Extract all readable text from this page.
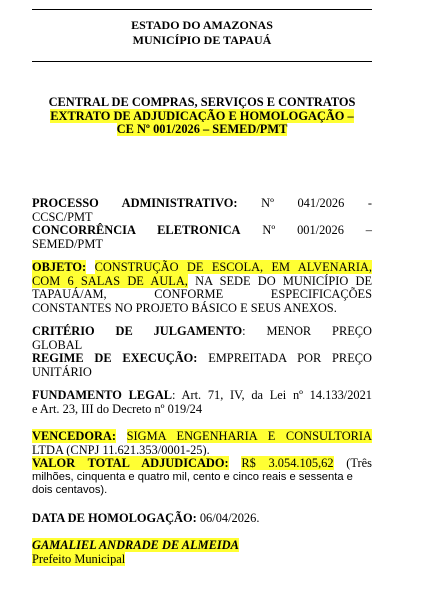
ESTADO DO AMAZONAS
MUNICÍPIO DE TAPAUÁ
CENTRAL DE COMPRAS, SERVIÇOS E CONTRATOS
EXTRATO DE ADJUDICAÇÃO E HOMOLOGAÇÃO –
CE Nº 001/2026 – SEMED/PMT

PROCESSO ADMINISTRATIVO: Nº 041/2026 -

CCSC/PMT

CONCORRÊNCIA ELETRONICA Nº 001/2026 –

SEMED/PMT

OBJETO: CONSTRUÇÃO DE ESCOLA, EM ALVENARIA,

COM 6 SALAS DE AULA, NA SEDE DO MUNICÍPIO DE

TAPAUÁ/AM,	CONFORME	ESPECIFICAÇÕES

CONSTANTES NO PROJETO BÁSICO E SEUS ANEXOS.

CRITÉRIO DE JULGAMENTO: MENOR PREÇO

GLOBAL

REGIME DE EXECUÇÃO: EMPREITADA POR PREÇO

UNITÁRIO

FUNDAMENTO LEGAL: Art. 71, IV, da Lei nº 14.133/2021

e Art. 23, III do Decreto nº 019/24

VENCEDORA: SIGMA ENGENHARIA E CONSULTORIA

LTDA (CNPJ 11.621.353/0001-25).

VALOR TOTAL ADJUDICADO: R$ 3.054.105,62 (Três

milhões, cinquenta e quatro mil, cento e cinco reais e sessenta e

dois centavos).

DATA DE HOMOLOGAÇÃO: 06/04/2026.

GAMALIEL ANDRADE DE ALMEIDA

Prefeito Municipal
